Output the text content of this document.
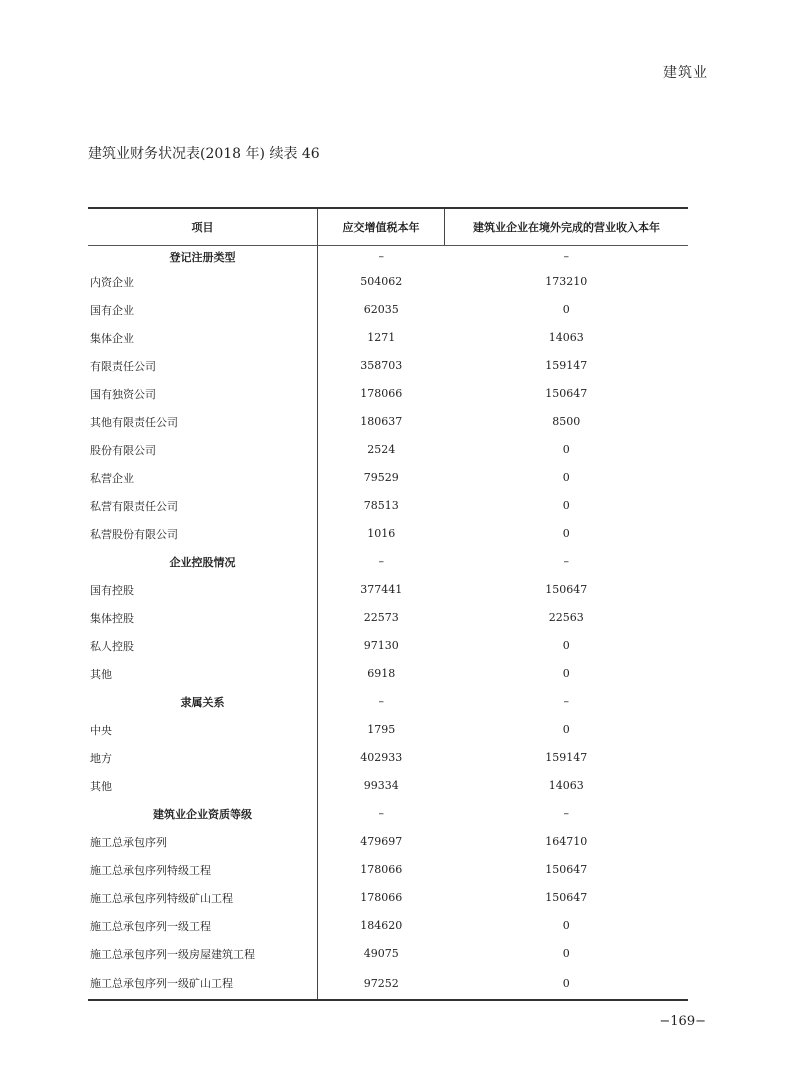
建筑业
建筑业财务状况表(2018 年) 续表 46
项目	应交增值税本年	建筑业企业在境外完成的营业收入本年
登记注册类型	–	–
内资企业	504062	173210
国有企业	62035	0
集体企业	1271	14063
有限责任公司	358703	159147
国有独资公司	178066	150647
其他有限责任公司	180637	8500
股份有限公司	2524	0
私营企业	79529	0
私营有限责任公司	78513	0
私营股份有限公司	1016	0
企业控股情况	–	–
国有控股	377441	150647
集体控股	22573	22563
私人控股	97130	0
其他	6918	0
隶属关系	–	–
中央	1795	0
地方	402933	159147
其他	99334	14063
建筑业企业资质等级	–	–
施工总承包序列	479697	164710
施工总承包序列特级工程	178066	150647
施工总承包序列特级矿山工程	178066	150647
施工总承包序列一级工程	184620	0
施工总承包序列一级房屋建筑工程	49075	0
施工总承包序列一级矿山工程	97252	0
−169−
